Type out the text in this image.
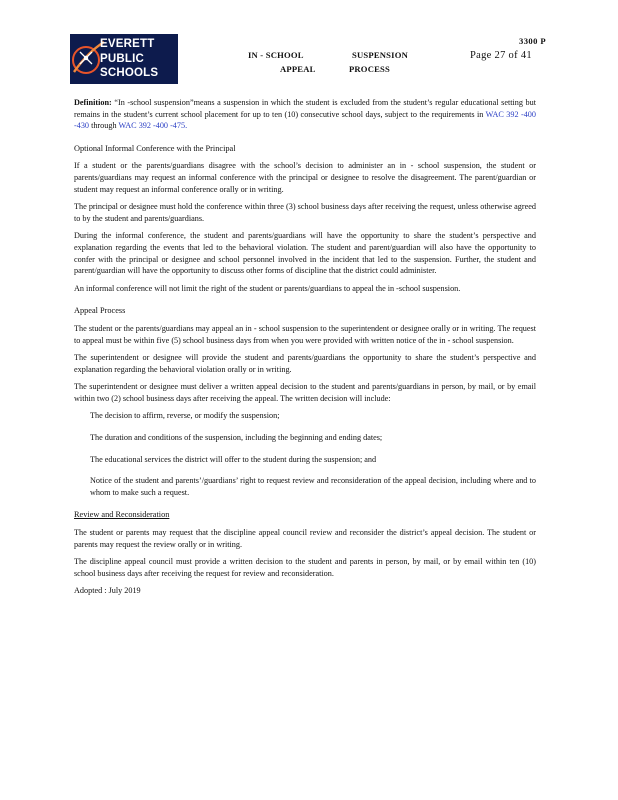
EVERETT
PUBLIC
SCHOOLS
IN - SCHOOL	SUSPENSION
APPEAL	PROCESS
3300 P
Page 27 of 41

Definition: “In -school suspension”means a suspension in which the student is excluded from the student’s regular educational setting but remains in the student’s current school placement for up to ten (10) consecutive school days, subject to the requirements in WAC 392 -400 -430 through WAC 392 -400 -475.

Optional Informal Conference with the Principal

If a student or the parents/guardians disagree with the school’s decision to administer an in - school suspension, the student or parents/guardians may request an informal conference with the principal or designee to resolve the disagreement. The parent/guardian or student may request an informal conference orally or in writing.

The principal or designee must hold the conference within three (3) school business days after receiving the request, unless otherwise agreed to by the student and parents/guardians.

During the informal conference, the student and parents/guardians will have the opportunity to share the student’s perspective and explanation regarding the events that led to the behavioral violation. The student and parent/guardian will also have the opportunity to confer with the principal or designee and school personnel involved in the incident that led to the suspension. Further, the student and parent/guardian will have the opportunity to discuss other forms of discipline that the district could administer.

An informal conference will not limit the right of the student or parents/guardians to appeal the in -school suspension.

Appeal Process

The student or the parents/guardians may appeal an in - school suspension to the superintendent or designee orally or in writing. The request to appeal must be within five (5) school business days from when you were provided with written notice of the in - school suspension.

The superintendent or designee will provide the student and parents/guardians the opportunity to share the student’s perspective and explanation regarding the behavioral violation orally or in writing.

The superintendent or designee must deliver a written appeal decision to the student and parents/guardians in person, by mail, or by email within two (2) school business days after receiving the appeal. The written decision will include:

The decision to affirm, reverse, or modify the suspension;
The duration and conditions of the suspension, including the beginning and ending dates;
The educational services the district will offer to the student during the suspension; and
Notice of the student and parents’/guardians’ right to request review and reconsideration of the appeal decision, including where and to whom to make such a request.
Review and Reconsideration

The student or parents may request that the discipline appeal council review and reconsider the district’s appeal decision. The student or parents may request the review orally or in writing.

The discipline appeal council must provide a written decision to the student and parents in person, by mail, or by email within ten (10) school business days after receiving the request for review and reconsideration.

Adopted : July 2019
